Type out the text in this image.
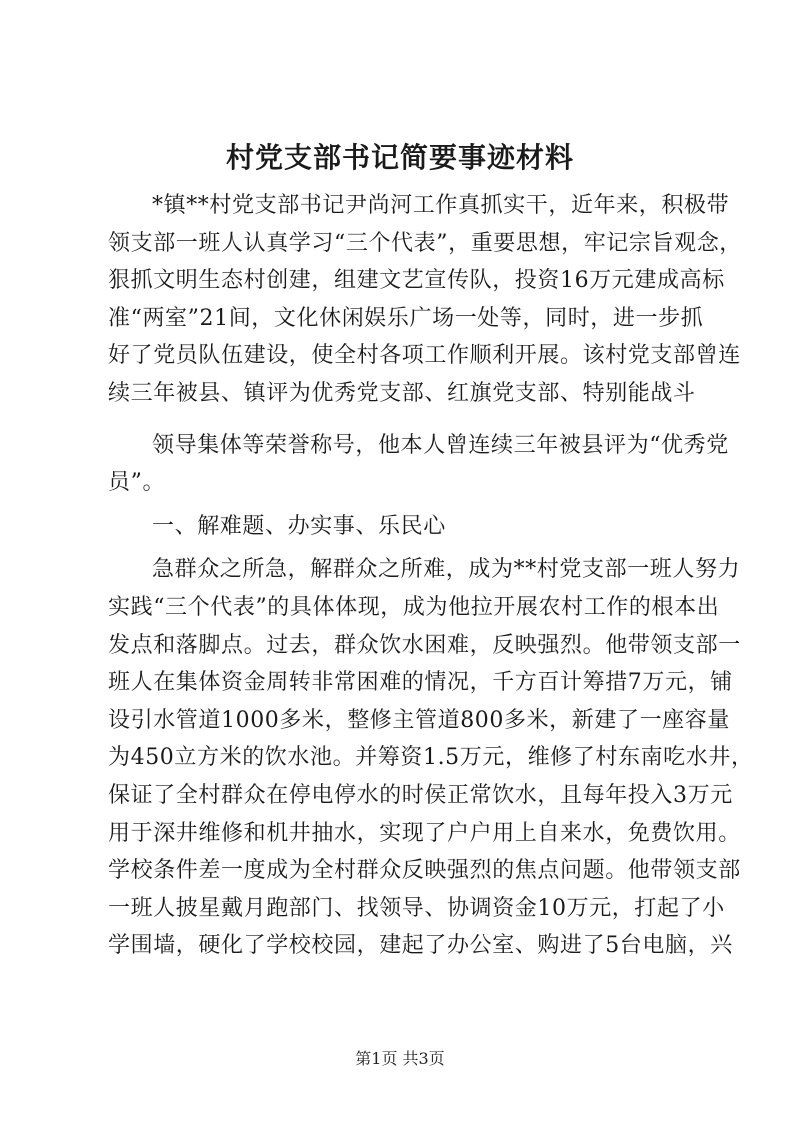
村党支部书记简要事迹材料
*镇**村党支部书记尹尚河工作真抓实干，近年来，积极带
领支部一班人认真学习“三个代表”，重要思想，牢记宗旨观念，
狠抓文明生态村创建，组建文艺宣传队，投资16万元建成高标
准“两室”21间，文化休闲娱乐广场一处等，同时，进一步抓
好了党员队伍建设，使全村各项工作顺利开展。该村党支部曾连
续三年被县、镇评为优秀党支部、红旗党支部、特别能战斗
领导集体等荣誉称号，他本人曾连续三年被县评为“优秀党
员”。
一、解难题、办实事、乐民心
急群众之所急，解群众之所难，成为**村党支部一班人努力
实践“三个代表”的具体体现，成为他拉开展农村工作的根本出
发点和落脚点。过去，群众饮水困难，反映强烈。他带领支部一
班人在集体资金周转非常困难的情况，千方百计筹措7万元，铺
设引水管道1000多米，整修主管道800多米，新建了一座容量
为450立方米的饮水池。并筹资1.5万元，维修了村东南吃水井，
保证了全村群众在停电停水的时侯正常饮水，且每年投入3万元
用于深井维修和机井抽水，实现了户户用上自来水，免费饮用。
学校条件差一度成为全村群众反映强烈的焦点问题。他带领支部
一班人披星戴月跑部门、找领导、协调资金10万元，打起了小
学围墙，硬化了学校校园，建起了办公室、购进了5台电脑，兴
第1页 共3页
